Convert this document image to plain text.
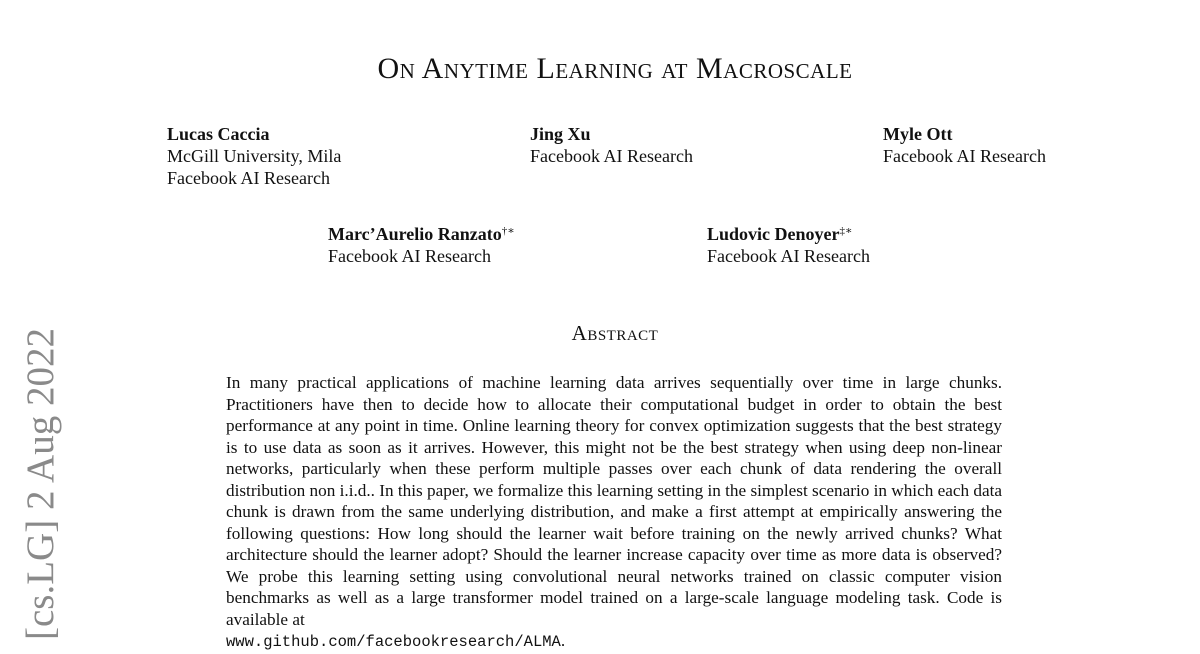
On Anytime Learning at Macroscale
Lucas Caccia
McGill University, Mila
Facebook AI Research
Jing Xu
Facebook AI Research
Myle Ott
Facebook AI Research
Marc’Aurelio Ranzato†∗
Facebook AI Research
Ludovic Denoyer‡∗
Facebook AI Research
[cs.LG] 2 Aug 2022	Abstract
In many practical applications of machine learning data arrives sequentially over time in large chunks. Practitioners have then to decide how to allocate their computational budget in order to obtain the best performance at any point in time. Online learning theory for convex optimization suggests that the best strategy is to use data as soon as it arrives. However, this might not be the best strategy when using deep non-linear networks, particularly when these perform multiple passes over each chunk of data rendering the overall distribution non i.i.d.. In this paper, we formalize this learning setting in the simplest scenario in which each data chunk is drawn from the same underlying distribution, and make a first attempt at empirically answering the following questions: How long should the learner wait before training on the newly arrived chunks? What architecture should the learner adopt? Should the learner increase capacity over time as more data is observed? We probe this learning setting using convolutional neural networks trained on classic computer vision benchmarks as well as a large transformer model trained on a large-scale language modeling task. Code is available at
www.github.com/facebookresearch/ALMA.
